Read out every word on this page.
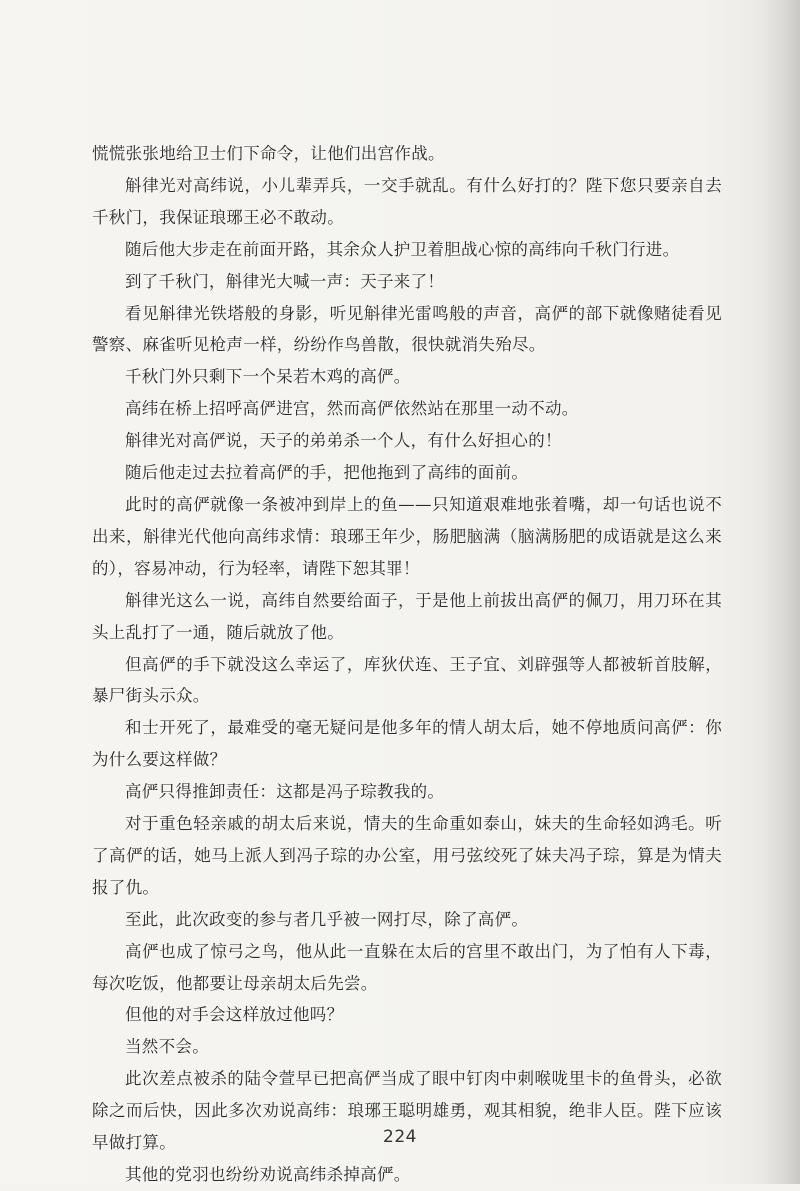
慌慌张张地给卫士们下命令，让他们出宫作战。

斛律光对高纬说，小儿辈弄兵，一交手就乱。有什么好打的？陛下您只要亲自去千秋门，我保证琅琊王必不敢动。

随后他大步走在前面开路，其余众人护卫着胆战心惊的高纬向千秋门行进。

到了千秋门，斛律光大喊一声：天子来了！

看见斛律光铁塔般的身影，听见斛律光雷鸣般的声音，高俨的部下就像赌徒看见警察、麻雀听见枪声一样，纷纷作鸟兽散，很快就消失殆尽。

千秋门外只剩下一个呆若木鸡的高俨。

高纬在桥上招呼高俨进宫，然而高俨依然站在那里一动不动。

斛律光对高俨说，天子的弟弟杀一个人，有什么好担心的！

随后他走过去拉着高俨的手，把他拖到了高纬的面前。

此时的高俨就像一条被冲到岸上的鱼——只知道艰难地张着嘴，却一句话也说不出来，斛律光代他向高纬求情：琅琊王年少，肠肥脑满（脑满肠肥的成语就是这么来的），容易冲动，行为轻率，请陛下恕其罪！

斛律光这么一说，高纬自然要给面子，于是他上前拔出高俨的佩刀，用刀环在其头上乱打了一通，随后就放了他。

但高俨的手下就没这么幸运了，库狄伏连、王子宜、刘辟强等人都被斩首肢解，暴尸街头示众。

和士开死了，最难受的毫无疑问是他多年的情人胡太后，她不停地质问高俨：你为什么要这样做？

高俨只得推卸责任：这都是冯子琮教我的。

对于重色轻亲戚的胡太后来说，情夫的生命重如泰山，妹夫的生命轻如鸿毛。听了高俨的话，她马上派人到冯子琮的办公室，用弓弦绞死了妹夫冯子琮，算是为情夫报了仇。

至此，此次政变的参与者几乎被一网打尽，除了高俨。

高俨也成了惊弓之鸟，他从此一直躲在太后的宫里不敢出门，为了怕有人下毒，每次吃饭，他都要让母亲胡太后先尝。

但他的对手会这样放过他吗？

当然不会。

此次差点被杀的陆令萱早已把高俨当成了眼中钉肉中刺喉咙里卡的鱼骨头，必欲除之而后快，因此多次劝说高纬：琅琊王聪明雄勇，观其相貌，绝非人臣。陛下应该早做打算。

其他的党羽也纷纷劝说高纬杀掉高俨。

224
